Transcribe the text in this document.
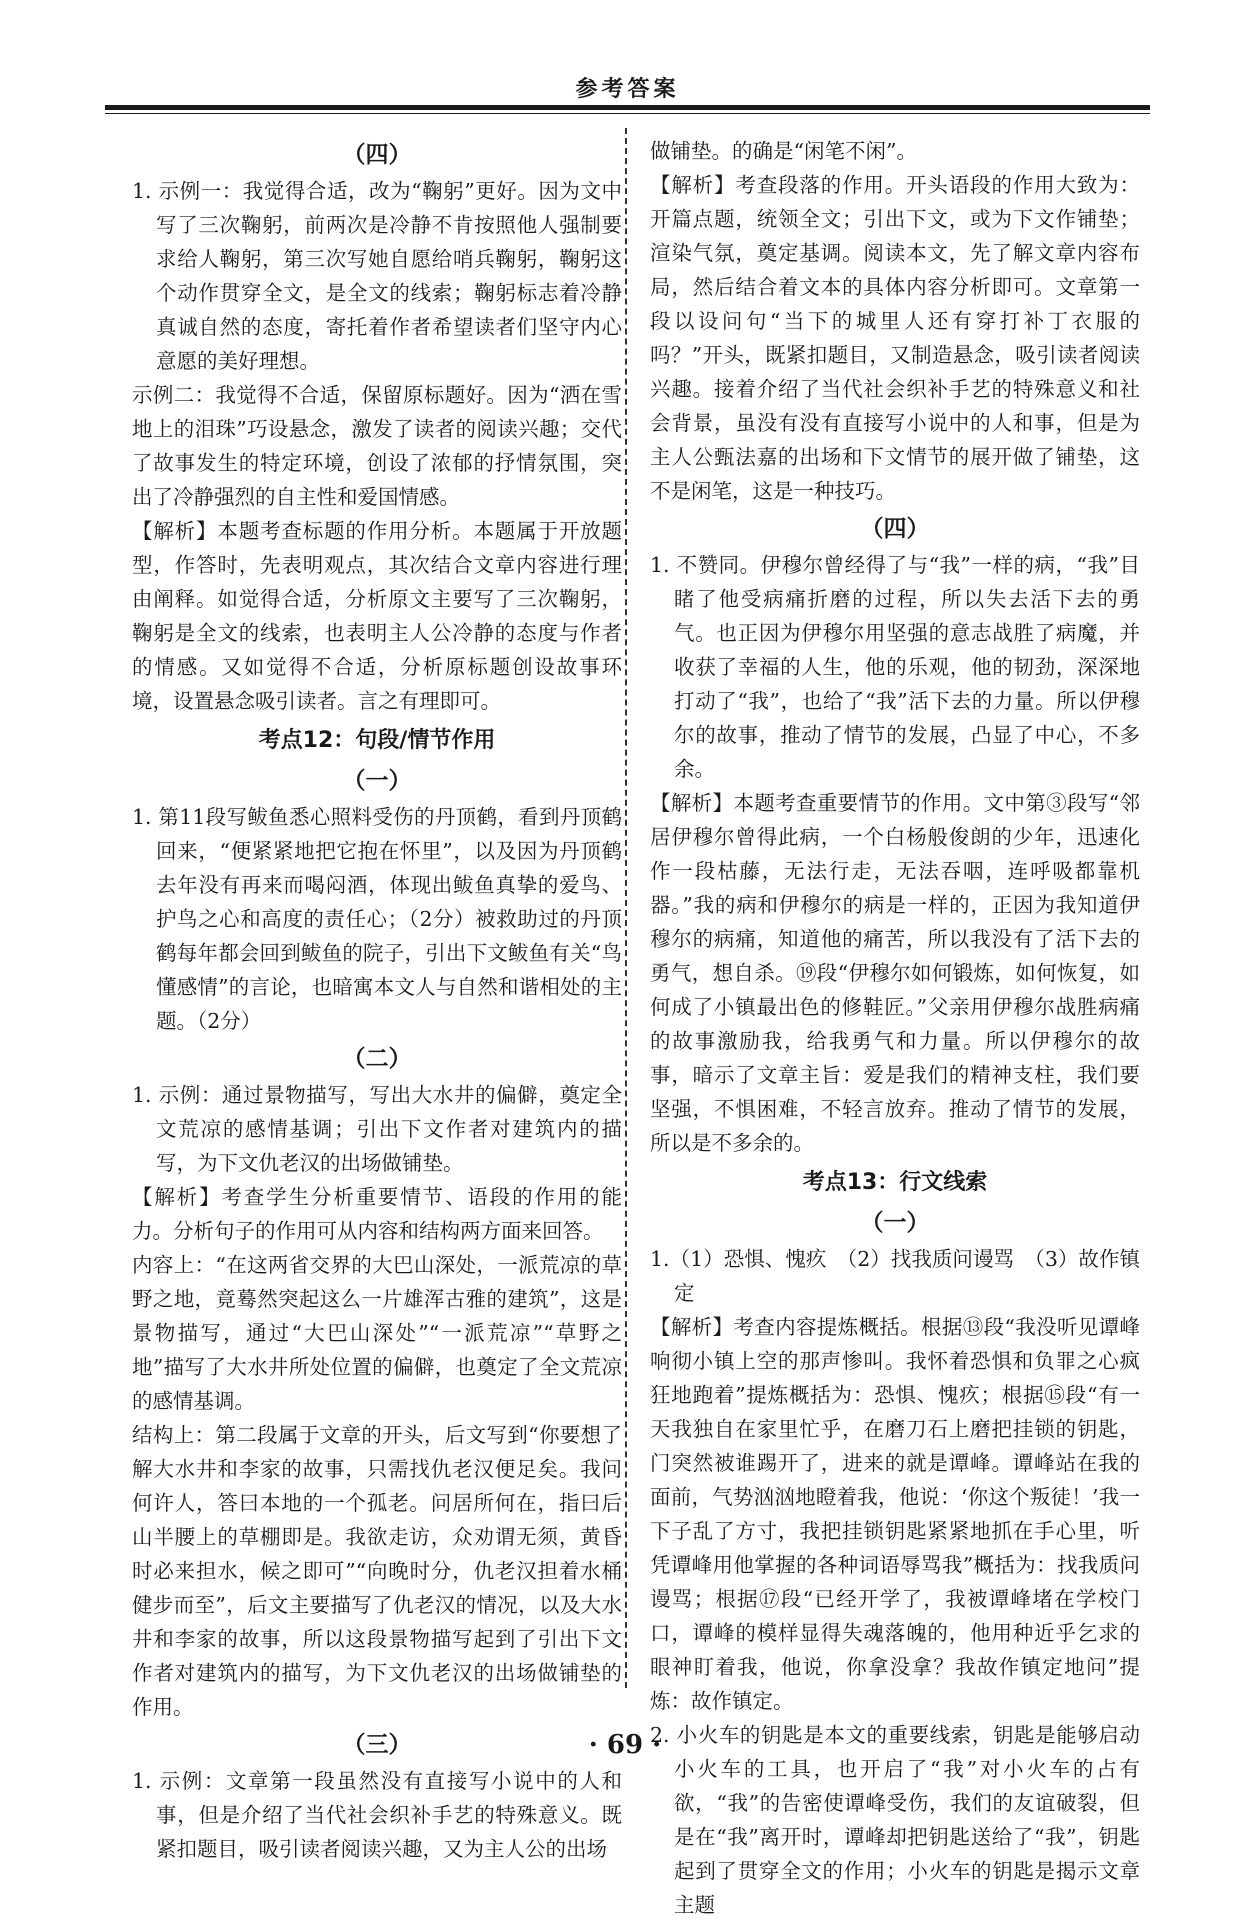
参考答案
（四）

1. 示例一：我觉得合适，改为“鞠躬”更好。因为文中写了三次鞠躬，前两次是冷静不肯按照他人强制要求给人鞠躬，第三次写她自愿给哨兵鞠躬，鞠躬这个动作贯穿全文，是全文的线索；鞠躬标志着冷静真诚自然的态度，寄托着作者希望读者们坚守内心意愿的美好理想。

示例二：我觉得不合适，保留原标题好。因为“洒在雪地上的泪珠”巧设悬念，激发了读者的阅读兴趣；交代了故事发生的特定环境，创设了浓郁的抒情氛围，突出了冷静强烈的自主性和爱国情感。

【解析】本题考查标题的作用分析。本题属于开放题型，作答时，先表明观点，其次结合文章内容进行理由阐释。如觉得合适，分析原文主要写了三次鞠躬，鞠躬是全文的线索，也表明主人公冷静的态度与作者的情感。又如觉得不合适，分析原标题创设故事环境，设置悬念吸引读者。言之有理即可。

考点12：句段/情节作用
（一）

1. 第11段写鲅鱼悉心照料受伤的丹顶鹤，看到丹顶鹤回来，“便紧紧地把它抱在怀里”，以及因为丹顶鹤去年没有再来而喝闷酒，体现出鲅鱼真挚的爱鸟、护鸟之心和高度的责任心；（2分）被救助过的丹顶鹤每年都会回到鲅鱼的院子，引出下文鲅鱼有关“鸟懂感情”的言论，也暗寓本文人与自然和谐相处的主题。（2分）

（二）

1. 示例：通过景物描写，写出大水井的偏僻，奠定全文荒凉的感情基调；引出下文作者对建筑内的描写，为下文仇老汉的出场做铺垫。

【解析】考查学生分析重要情节、语段的作用的能力。分析句子的作用可从内容和结构两方面来回答。

内容上：“在这两省交界的大巴山深处，一派荒凉的草野之地，竟蓦然突起这么一片雄浑古雅的建筑”，这是景物描写，通过“大巴山深处”“一派荒凉”“草野之地”描写了大水井所处位置的偏僻，也奠定了全文荒凉的感情基调。

结构上：第二段属于文章的开头，后文写到“你要想了解大水井和李家的故事，只需找仇老汉便足矣。我问何许人，答曰本地的一个孤老。问居所何在，指曰后山半腰上的草棚即是。我欲走访，众劝谓无须，黄昏时必来担水，候之即可”“向晚时分，仇老汉担着水桶健步而至”，后文主要描写了仇老汉的情况，以及大水井和李家的故事，所以这段景物描写起到了引出下文作者对建筑内的描写，为下文仇老汉的出场做铺垫的作用。

（三）

1. 示例：文章第一段虽然没有直接写小说中的人和事，但是介绍了当代社会织补手艺的特殊意义。既紧扣题目，吸引读者阅读兴趣，又为主人公的出场

做铺垫。的确是“闲笔不闲”。

【解析】考查段落的作用。开头语段的作用大致为：开篇点题，统领全文；引出下文，或为下文作铺垫；渲染气氛，奠定基调。阅读本文，先了解文章内容布局，然后结合着文本的具体内容分析即可。文章第一段以设问句“当下的城里人还有穿打补丁衣服的吗？”开头，既紧扣题目，又制造悬念，吸引读者阅读兴趣。接着介绍了当代社会织补手艺的特殊意义和社会背景，虽没有没有直接写小说中的人和事，但是为主人公甄法嘉的出场和下文情节的展开做了铺垫，这不是闲笔，这是一种技巧。

（四）

1. 不赞同。伊穆尔曾经得了与“我”一样的病，“我”目睹了他受病痛折磨的过程，所以失去活下去的勇气。也正因为伊穆尔用坚强的意志战胜了病魔，并收获了幸福的人生，他的乐观，他的韧劲，深深地打动了“我”，也给了“我”活下去的力量。所以伊穆尔的故事，推动了情节的发展，凸显了中心，不多余。

【解析】本题考查重要情节的作用。文中第③段写“邻居伊穆尔曾得此病，一个白杨般俊朗的少年，迅速化作一段枯藤，无法行走，无法吞咽，连呼吸都靠机器。”我的病和伊穆尔的病是一样的，正因为我知道伊穆尔的病痛，知道他的痛苦，所以我没有了活下去的勇气，想自杀。⑲段“伊穆尔如何锻炼，如何恢复，如何成了小镇最出色的修鞋匠。”父亲用伊穆尔战胜病痛的故事激励我，给我勇气和力量。所以伊穆尔的故事，暗示了文章主旨：爱是我们的精神支柱，我们要坚强，不惧困难，不轻言放弃。推动了情节的发展，所以是不多余的。

考点13：行文线索
（一）

1.（1）恐惧、愧疚　（2）找我质问谩骂　（3）故作镇定

【解析】考查内容提炼概括。根据⑬段“我没听见谭峰响彻小镇上空的那声惨叫。我怀着恐惧和负罪之心疯狂地跑着”提炼概括为：恐惧、愧疚；根据⑮段“有一天我独自在家里忙乎，在磨刀石上磨把挂锁的钥匙，门突然被谁踢开了，进来的就是谭峰。谭峰站在我的面前，气势汹汹地瞪着我，他说：‘你这个叛徒！’我一下子乱了方寸，我把挂锁钥匙紧紧地抓在手心里，听凭谭峰用他掌握的各种词语辱骂我”概括为：找我质问谩骂；根据⑰段“已经开学了，我被谭峰堵在学校门口，谭峰的模样显得失魂落魄的，他用种近乎乞求的眼神盯着我，他说，你拿没拿？我故作镇定地问”提炼：故作镇定。

2. 小火车的钥匙是本文的重要线索，钥匙是能够启动小火车的工具，也开启了“我”对小火车的占有欲，“我”的告密使谭峰受伤，我们的友谊破裂，但是在“我”离开时，谭峰却把钥匙送给了“我”，钥匙起到了贯穿全文的作用；小火车的钥匙是揭示文章主题

· 69 ·
